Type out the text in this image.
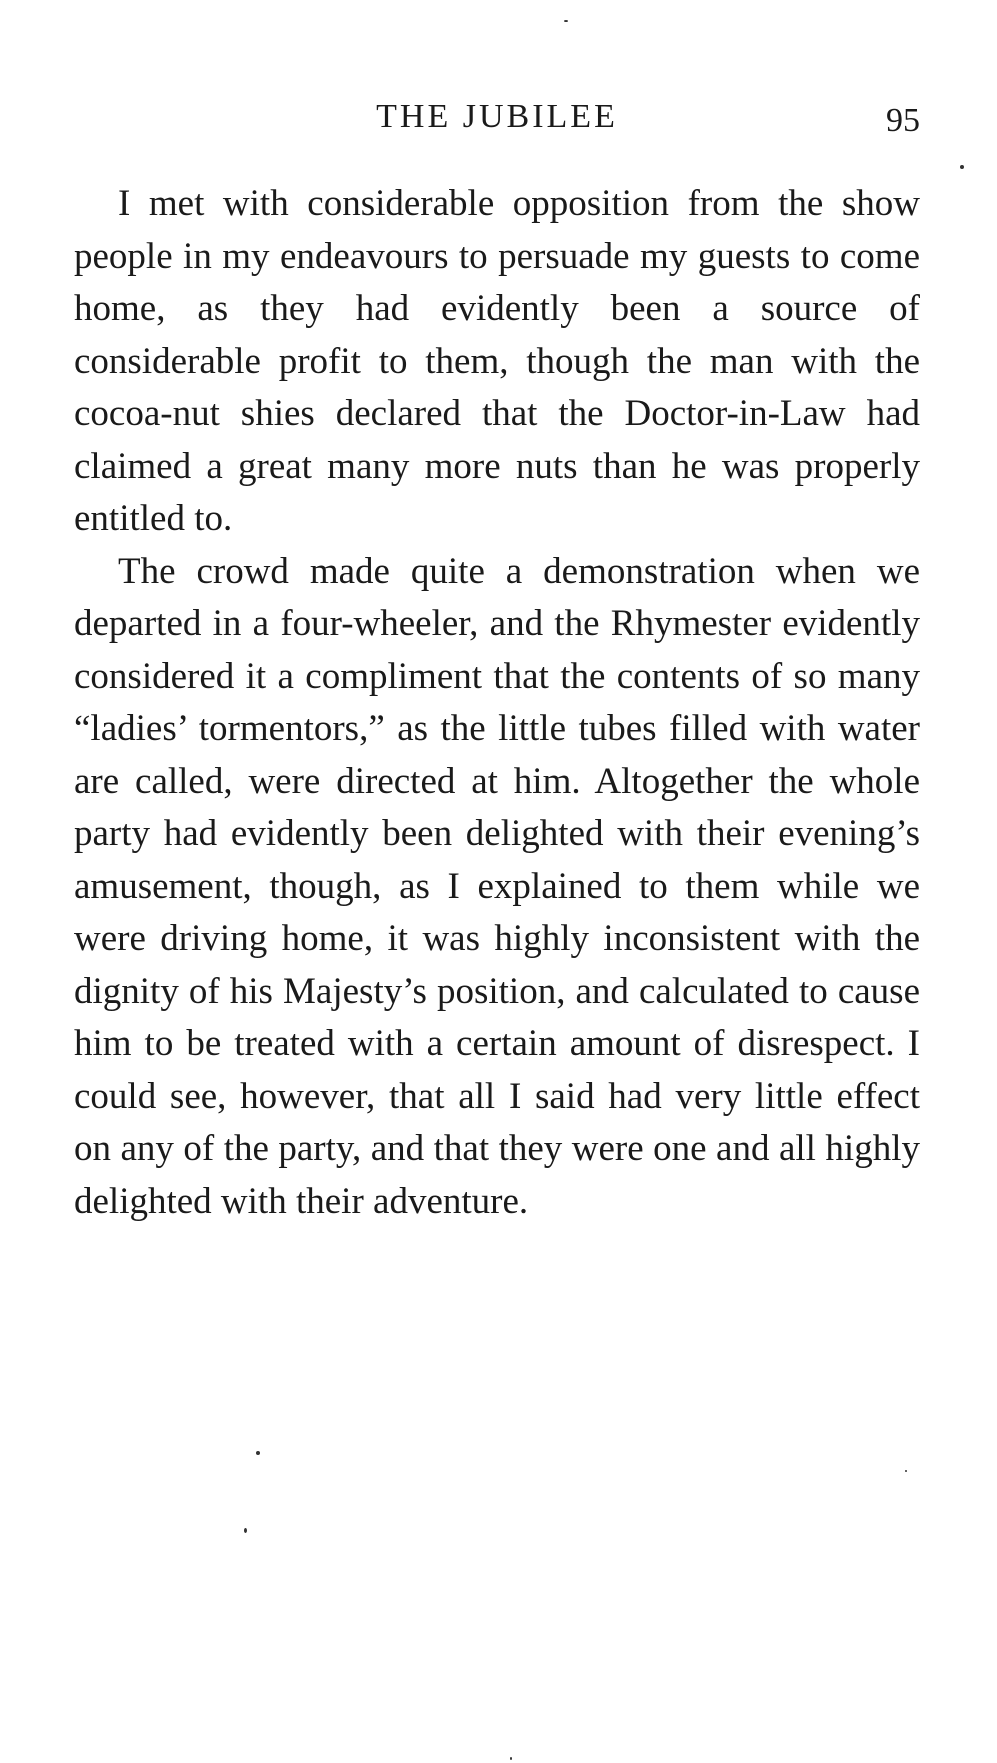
THE JUBILEE	95

I met with considerable opposition from the show people in my endeavours to persuade my guests to come home, as they had evidently been a source of considerable profit to them, though the man with the cocoa-nut shies declared that the Doctor-in-Law had claimed a great many more nuts than he was properly entitled to.

The crowd made quite a demonstration when we departed in a four-wheeler, and the Rhymester evidently considered it a compliment that the contents of so many “ladies’ tormentors,” as the little tubes filled with water are called, were directed at him. Altogether the whole party had evidently been delighted with their evening’s amusement, though, as I explained to them while we were driving home, it was highly inconsistent with the dignity of his Majesty’s position, and calculated to cause him to be treated with a certain amount of disrespect. I could see, however, that all I said had very little effect on any of the party, and that they were one and all highly delighted with their adventure.
